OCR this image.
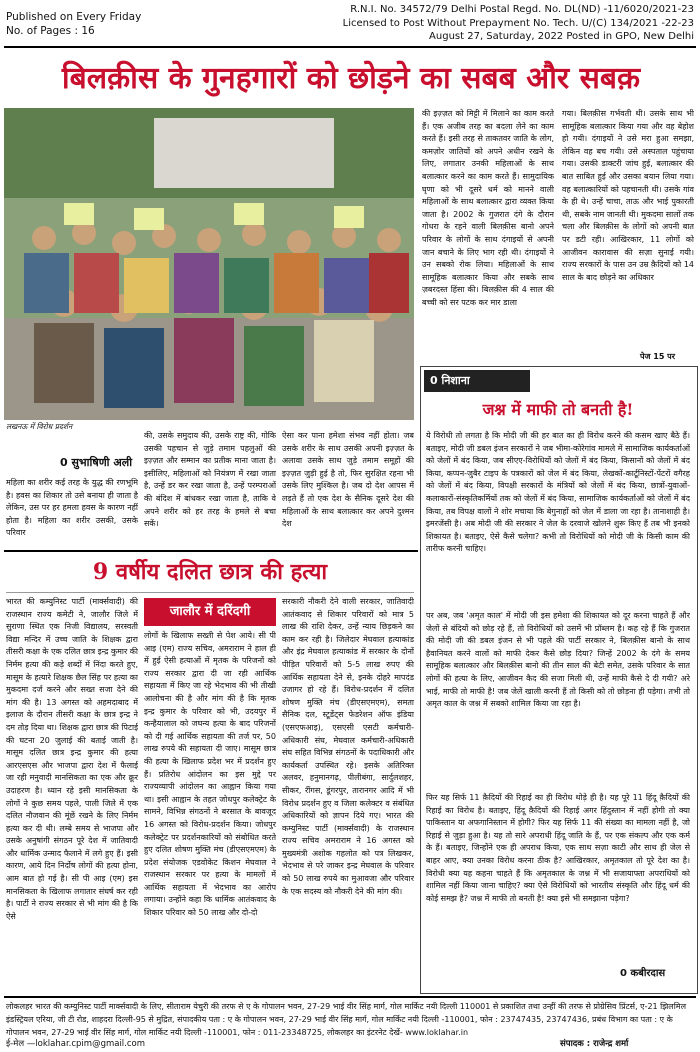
Published on Every Friday
No. of Pages : 16
R.N.I. No. 34572/79 Delhi Postal Regd. No. DL(ND) -11/6020/2021-23
Licensed to Post Without Prepayment No. Tech. U/(C) 134/2021 -22-23
August 27, Saturday, 2022 Posted in GPO, New Delhi
बिलक़ीस के गुनहगारों को छोड़ने का सबब और सबक़
लखनऊ में विरोध प्रदर्शन
0 सुभाषिणी अली
महिला का शरीर कई तरह के युद्ध की रणभूमि है। हवस का शिकार तो उसे बनाया ही जाता है लेकिन, उस पर हर हमला हवस के कारण नहीं होता है। महिला का शरीर उसकी, उसके परिवार
की, उसके समुदाय की, उसके राष्ट्र की, गोकि उसकी पहचान से जुड़े तमाम पहलुओं की इज़्ज़त और सम्मान का प्रतीक माना जाता है। इसीलिए, महिलाओं को नियंत्रण में रखा जाता है, उन्हें डर कर रखा जाता है, उन्हें परम्पराओं की बंदिश में बांधकर रखा जाता है, ताकि वे अपने शरीर को हर तरह के हमले से बचा सकें।
ऐसा कर पाना हमेशा संभव नहीं होता। जब उसके शरीर के साथ उसकी अपनी इज़्ज़त के अलावा उसके साथ जुड़े तमाम समूहों की इज़्ज़त जुड़ी हुई है तो, फिर सुरक्षित रहना भी उसके लिए मुश्किल है। जब दो देश आपस में लड़ते हैं तो एक देश के सैनिक दूसरे देश की महिलाओं के साथ बलात्कार कर अपने दुश्मन देश
की इज़्ज़त को मिट्टी में मिलाने का काम करते हैं। एक अजीब तरह का बदला लेने का काम करते हैं। इसी तरह से ताकतवर जाति के लोग, कमज़ोर जातियों को अपने अधीन रखने के लिए, लगातार उनकी महिलाओं के साथ बलात्कार करने का काम करते हैं। सामुदायिक घृणा को भी दूसरे धर्म को मानने वाली महिलाओं के साथ बलात्कार द्वारा व्यक्त किया जाता है। 2002 के गुजरात दंगे के दौरान गोधरा के रहने वाली बिलक़ीस बानो अपने परिवार के लोगों के साथ दंगाइयों से अपनी जान बचाने के लिए भाग रही थी। दंगाइयों ने उन सबको रोक लिया। महिलाओं के साथ सामूहिक बलात्कार किया और सबके साथ ज़बरदस्त हिंसा की। बिलक़ीस की 4 साल की बच्ची को सर पटक कर मार डाला
गया। बिलक़ीस गर्भवती थी। उसके साथ भी सामूहिक बलात्कार किया गया और वह बेहोश हो गयी। दंगाइयों ने उसे मरा हुआ समझा, लेकिन वह बच गयी। उसे अस्पताल पहुंचाया गया। उसकी डाक्टरी जांच हुई, बलात्कार की बात साबित हुई और उसका बयान लिया गया। वह बलात्कारियों को पहचानती थी। उसके गांव के ही थे। उन्हें चाचा, ताऊ और भाई पुकारती थी, सबके नाम जानती थी। मुकदमा सालों तक चला और बिलक़ीस के लोगों को अपनी बात पर डटी रही। आखिरकार, 11 लोगों को आजीवन कारावास की सज़ा सुनाई गयी। राज्य सरकारों के पास उन उम्र क़ैदियों को 14 साल के बाद छोड़ने का अधिकार
पेज 15 पर
9 वर्षीय दलित छात्र की हत्या
भारत की कम्युनिस्ट पार्टी (मार्क्सवादी) की राजस्थान राज्य कमेटी ने, जालौर जिले में सुराणा स्थित एक निजी विद्यालय, सरस्वती विद्या मन्दिर में उच्च जाति के शिक्षक द्वारा तीसरी कक्षा के एक दलित छात्र इन्द्र कुमार की निर्मम हत्या की कड़े शब्दों में निंदा करते हुए, मासूम के हत्यारे शिक्षक छैल सिंह पर हत्या का मुकदमा दर्ज करने और सख्त सजा देने की मांग की है। 13 अगस्त को अहमदाबाद में इलाज के दौरान तीसरी कक्षा के छात्र इन्द्र ने दम तोड़ दिया था। शिक्षक द्वारा छात्र की पिटाई की घटना 20 जुलाई की बताई जाती है। मासूम दलित छात्र इन्द्र कुमार की हत्या आरएसएस और भाजपा द्वारा देश में फैलाई जा रही मनुवादी मानसिकता का एक और क्रूर उदाहरण है। ध्यान रहे इसी मानसिकता के लोगों ने कुछ समय पहले, पाली जिले में एक दलित नौजवान की मूंछें रखने के लिए निर्मम हत्या कर दी थी। लम्बे समय से भाजपा और उसके अनुषांगी संगठन पूरे देश में जातिवादी और धार्मिक उन्माद फैलाने में लगे हुए हैं। इसी कारण, आये दिन निर्दोष लोगों की हत्या होना, आम बात हो गई है। सी पी आइ (एम) इस मानसिकता के खिलाफ लगातार संघर्ष कर रही है। पार्टी ने राज्य सरकार से भी मांग की है कि ऐसे
जालौर में दरिंदगी
लोगों के खिलाफ सख्ती से पेश आये। सी पी आइ (एम) राज्य सचिव, अमराराम ने हाल ही में हुई ऐसी हत्याओं में मृतक के परिजनों को राज्य सरकार द्वारा दी जा रही आर्थिक सहायता में किए जा रहे भेदभाव की भी तीखी आलोचना की है और मांग की है कि मृतक इन्द्र कुमार के परिवार को भी, उदयपुर में कन्हैयालाल को जघन्य हत्या के बाद परिजनों को दी गई आर्थिक सहायता की तर्ज पर, 50 लाख रुपये की सहायता दी जाए। मासूम छात्र की हत्या के खिलाफ प्रदेश भर में प्रदर्शन हुए हैं। प्रतिरोध आंदोलन का इस मुद्दे पर राज्यव्यापी आंदोलन का आह्वान किया गया था। इसी आह्वान के तहत जोधपुर कलेक्ट्रेट के सामने, विभिन्न संगठनों ने बरसात के बावजूद 16 अगस्त को विरोध-प्रदर्शन किया। जोधपुर कलेक्ट्रेट पर प्रदर्शनकारियों को संबोधित करते हुए दलित शोषण मुक्ति मंच (डीएसएमएम) के प्रदेश संयोजक एडवोकेट किशन मेघवाल ने राजस्थान सरकार पर हत्या के मामलों में आर्थिक सहायता में भेदभाव का आरोप लगाया। उन्होंने कहा कि धार्मिक आतंकवाद के शिकार परिवार को 50 लाख और दो-दो
सरकारी नौकरी देने वाली सरकार, जातिवादी आतंकवाद से शिकार परिवारों को मात्र 5 लाख की राशि देकर, उन्हें न्याय छिड़कने का काम कर रही है। जिलेदार मेघवाल हत्याकांड और इंद्र मेघवाल हत्याकांड में सरकार के दोनों पीड़ित परिवारों को 5-5 लाख रुपए की आर्थिक सहायता देने से, इनके दोहरे मापदंड उजागर हो रहे हैं। विरोध-प्रदर्शन में दलित शोषण मुक्ति मंच (डीएसएमएम), समता सैनिक दल, स्टूडेंट्स फेडरेशन ऑफ इंडिया (एसएफआइ), एसएसी एसटी कर्मचारी-अधिकारी संघ, मेघवाल कर्मचारी-अधिकारी संघ सहित विभिन्न संगठनों के पदाधिकारी और कार्यकर्ता उपस्थित रहे। इसके अतिरिक्त अलवर, हनुमानगढ़, पीलीबंगा, सार्दुलशहर, सीकर, रींगस, डूंगरपुर, तारानगर आदि में भी विरोध प्रदर्शन हुए व जिला कलेक्टर व संबंधित अधिकारियों को ज्ञापन दिये गए। भारत की कम्युनिस्ट पार्टी (मार्क्सवादी) के राजस्थान राज्य सचिव अमराराम ने 16 अगस्त को मुख्यमंत्री अशोक गहलोत को पत्र लिखकर, भेदभाव से परे जाकर इन्द्र मेघवाल के परिवार को 50 लाख रुपये का मुआवजा और परिवार के एक सदस्य को नौकरी देने की मांग की।
0 निशाना
जश्न में माफी तो बनती है!
ये विरोधी तो लगता है कि मोदी जी की हर बात का ही विरोध करने की कसम खाए बैठे हैं। बताइए, मोदी जी डबल इंजन सरकारों ने जब भीमा-कोरेगांव मामले में सामाजिक कार्यकर्ताओं को जेलों में बंद किया, जब सीएए-विरोधियों को जेलों में बंद किया, किसानों को जेलों में बंद किया, कप्पन-जुबैर टाइप के पत्रकारों को जेल में बंद किया, लेखकों-कार्टूनिस्टों-पेंटरों वगैरह को जेलों में बंद किया, विपक्षी सरकारों के मंत्रियों को जेलों में बंद किया, छात्रों-युवाओं-कलाकारों-संस्कृतिकर्मियों तक को जेलों में बंद किया, सामाजिक कार्यकर्ताओं को जेलों में बंद किया, तब विपक्ष वालों ने शोर मचाया कि बेगुनाहों को जेल में डाला जा रहा है। तानाशाही है। इमरजेंसी है। अब मोदी जी की सरकार ने जेल के दरवाजे खोलने शुरू किए हैं तब भी इनको शिकायत है। बताइए, ऐसे कैसे चलेगा? कभी तो विरोधियों को मोदी जी के किसी काम की तारीफ करनी चाहिए।
पर अब, जब 'अमृत काल' में मोदी जी इस हमेशा की शिकायत को दूर करना चाहते हैं और जेलों से बंदियों को छोड़ रहे हैं, तो विरोधियों को उसमें भी प्रॉब्लम है। कह रहे हैं कि गुजरात की मोदी जी की डबल इंजन से भी पहले की पार्टी सरकार ने, बिलक़ीस बानो के साथ हैवानियत करने वालों को माफी देकर कैसे छोड़ दिया? जिन्हें 2002 के दंगे के समय सामूहिक बलात्कार और बिलक़ीस बानो की तीन साल की बेटी समेत, उसके परिवार के सात लोगों की हत्या के लिए, आजीवन कैद की सजा मिली थी, उन्हें माफी कैसे दे दी गयी? अरे भाई, माफी तो माफी है! जब जेलें खाली करनी हैं तो किसी को तो छोड़ना ही पड़ेगा। तभी तो अमृत काल के जश्न में सबको शामिल किया जा रहा है।
फिर यह सिर्फ 11 क़ैदियों की रिहाई का ही विरोध थोड़े ही है। यह पूरे 11 हिंदू क़ैदियों की रिहाई का विरोध है। बताइए, हिंदू क़ैदियों की रिहाई अगर हिंदुस्तान में नहीं होगी तो क्या पाकिस्तान या अफगानिस्तान में होगी? फिर यह सिर्फ 11 की संख्या का मामला नहीं है, जो रिहाई से जुड़ा हुआ है। यह तो सारे अपराधी हिंदू जाति के हैं, पर एक संकल्प और एक कर्म के हैं। बताइए, जिन्होंने एक ही अपराध किया, एक साथ सज़ा काटी और साथ ही जेल से बाहर आए, क्या उनका विरोध करना ठीक है? आखिरकार, अमृतकाल तो पूरे देश का है। विरोधी क्या यह कहना चाहते हैं कि अमृतकाल के जश्न में भी सजायाफ्ता अपराधियों को शामिल नहीं किया जाना चाहिए? क्या ऐसे विरोधियों को भारतीय संस्कृति और हिंदू धर्म की कोई समझ है? जश्न में माफी तो बनती है! क्या इसे भी समझाना पड़ेगा?
0 कबीरदास
लोकलहर भारत की कम्युनिस्ट पार्टी मार्क्सवादी के लिए, सीताराम येचुरी की तरफ से ए के गोपालन भवन, 27-29 भाई वीर सिंह मार्ग, गोल मार्किट नयी दिल्ली 110001 से प्रकाशित तथा उन्हीं की तरफ से प्रोग्रेसिव प्रिंटर्स, ए-21 झिलमिल इंडस्ट्रियल एरिया, जी टी रोड, शाहदरा दिल्ली-95 से मुद्रित, संपादकीय पता : ए के गोपालन भवन, 27-29 भाई वीर सिंह मार्ग, गोल मार्किट नयी दिल्ली -110001, फोन : 23747435, 23747436, प्रबंध विभाग का पता : ए के गोपालन भवन, 27-29 भाई वीर सिंह मार्ग, गोल मार्किट नयी दिल्ली -110001, फोन : 011-23348725, लोकलहर का इंटरनेट देखें- www.loklahar.in
ई-मेल —loklahar.cpim@gmail.com	संपादक : राजेन्द्र शर्मा
